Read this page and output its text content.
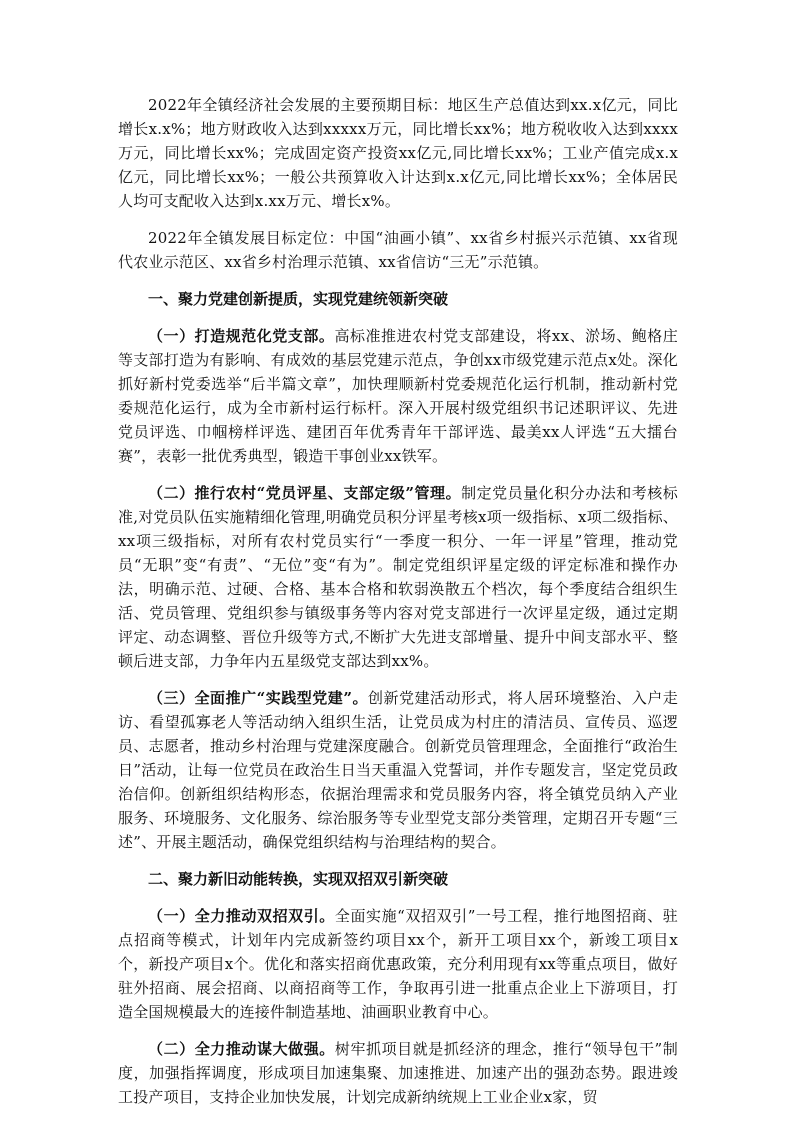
2022年全镇经济社会发展的主要预期目标：地区生产总值达到xx.x亿元，同比增长x.x%；地方财政收入达到xxxxx万元，同比增长xx%；地方税收收入达到xxxx万元，同比增长xx%；完成固定资产投资xx亿元,同比增长xx%；工业产值完成x.x亿元，同比增长xx%；一般公共预算收入计达到x.x亿元,同比增长xx%；全体居民人均可支配收入达到x.xx万元、增长x%。

2022年全镇发展目标定位：中国“油画小镇”、xx省乡村振兴示范镇、xx省现代农业示范区、xx省乡村治理示范镇、xx省信访“三无”示范镇。

一、聚力党建创新提质，实现党建统领新突破

（一）打造规范化党支部。高标准推进农村党支部建设，将xx、淤场、鲍格庄等支部打造为有影响、有成效的基层党建示范点，争创xx市级党建示范点x处。深化抓好新村党委选举“后半篇文章”，加快理顺新村党委规范化运行机制，推动新村党委规范化运行，成为全市新村运行标杆。深入开展村级党组织书记述职评议、先进党员评选、巾帼榜样评选、建团百年优秀青年干部评选、最美xx人评选“五大擂台赛”，表彰一批优秀典型，锻造干事创业xx铁军。

（二）推行农村“党员评星、支部定级”管理。制定党员量化积分办法和考核标准,对党员队伍实施精细化管理,明确党员积分评星考核x项一级指标、x项二级指标、xx项三级指标，对所有农村党员实行“一季度一积分、一年一评星”管理，推动党员“无职”变“有责”、“无位”变“有为”。制定党组织评星定级的评定标准和操作办法，明确示范、过硬、合格、基本合格和软弱涣散五个档次，每个季度结合组织生活、党员管理、党组织参与镇级事务等内容对党支部进行一次评星定级，通过定期评定、动态调整、晋位升级等方式,不断扩大先进支部增量、提升中间支部水平、整顿后进支部，力争年内五星级党支部达到xx%。

（三）全面推广“实践型党建”。创新党建活动形式，将人居环境整治、入户走访、看望孤寡老人等活动纳入组织生活，让党员成为村庄的清洁员、宣传员、巡逻员、志愿者，推动乡村治理与党建深度融合。创新党员管理理念，全面推行“政治生日”活动，让每一位党员在政治生日当天重温入党誓词，并作专题发言，坚定党员政治信仰。创新组织结构形态，依据治理需求和党员服务内容，将全镇党员纳入产业服务、环境服务、文化服务、综治服务等专业型党支部分类管理，定期召开专题“三述”、开展主题活动，确保党组织结构与治理结构的契合。

二、聚力新旧动能转换，实现双招双引新突破

（一）全力推动双招双引。全面实施“双招双引”一号工程，推行地图招商、驻点招商等模式，计划年内完成新签约项目xx个，新开工项目xx个，新竣工项目x个，新投产项目x个。优化和落实招商优惠政策，充分利用现有xx等重点项目，做好驻外招商、展会招商、以商招商等工作，争取再引进一批重点企业上下游项目，打造全国规模最大的连接件制造基地、油画职业教育中心。

（二）全力推动谋大做强。树牢抓项目就是抓经济的理念，推行“领导包干”制度，加强指挥调度，形成项目加速集聚、加速推进、加速产出的强劲态势。跟进竣工投产项目，支持企业加快发展，计划完成新纳统规上工业企业x家，贸
